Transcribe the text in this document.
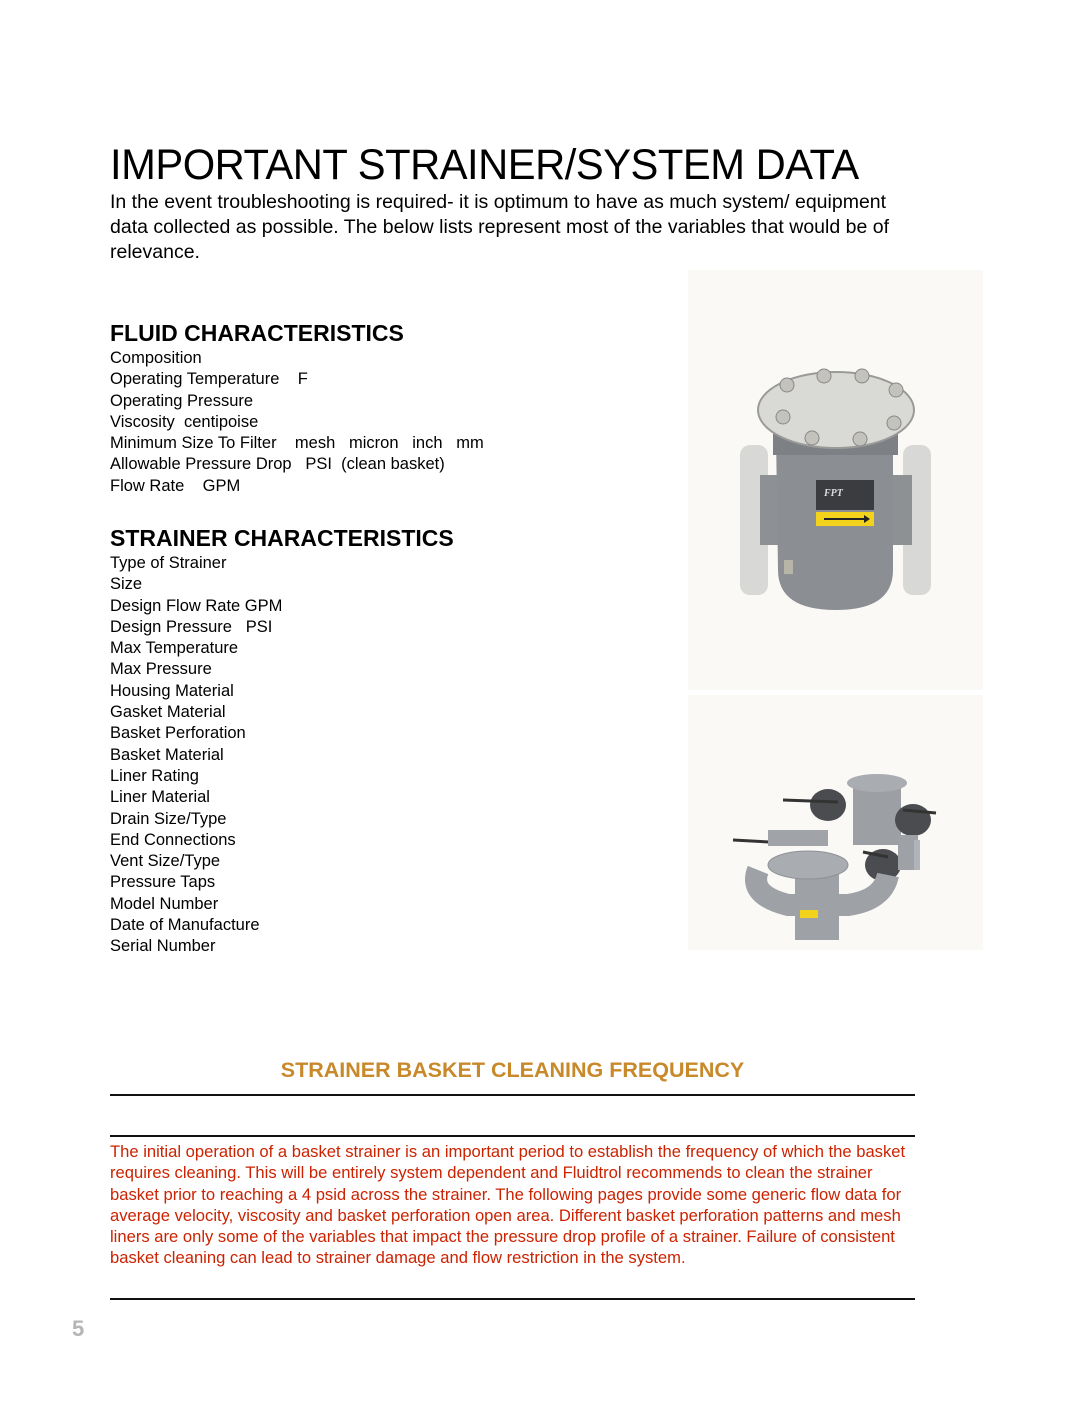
IMPORTANT STRAINER/SYSTEM DATA

In the event troubleshooting is required- it is optimum to have as much system/ equipment data collected as possible. The below lists represent most of the variables that would be of relevance.

FLUID CHARACTERISTICS
Composition
Operating Temperature    F
Operating Pressure
Viscosity  centipoise
Minimum Size To Filter    mesh   micron   inch   mm
Allowable Pressure Drop   PSI  (clean basket)
Flow Rate    GPM
STRAINER CHARACTERISTICS
Type of Strainer
Size
Design Flow Rate GPM
Design Pressure   PSI
Max Temperature
Max Pressure
Housing Material
Gasket Material
Basket Perforation
Basket Material
Liner Rating
Liner Material
Drain Size/Type
End Connections
Vent Size/Type
Pressure Taps
Model Number
Date of Manufacture
Serial Number
FPT
STRAINER BASKET CLEANING FREQUENCY

The initial operation of a basket strainer is an important period to establish the frequency of which the basket requires cleaning. This will be entirely system dependent and Fluidtrol recommends to clean the strainer basket prior to reaching a 4 psid across the strainer. The following pages provide some generic flow data for average velocity, viscosity and basket perforation open area. Different basket perforation patterns and mesh liners are only some of the variables that impact the pressure drop profile of a strainer. Failure of consistent basket cleaning can lead to strainer damage and flow restriction in the system.

5
